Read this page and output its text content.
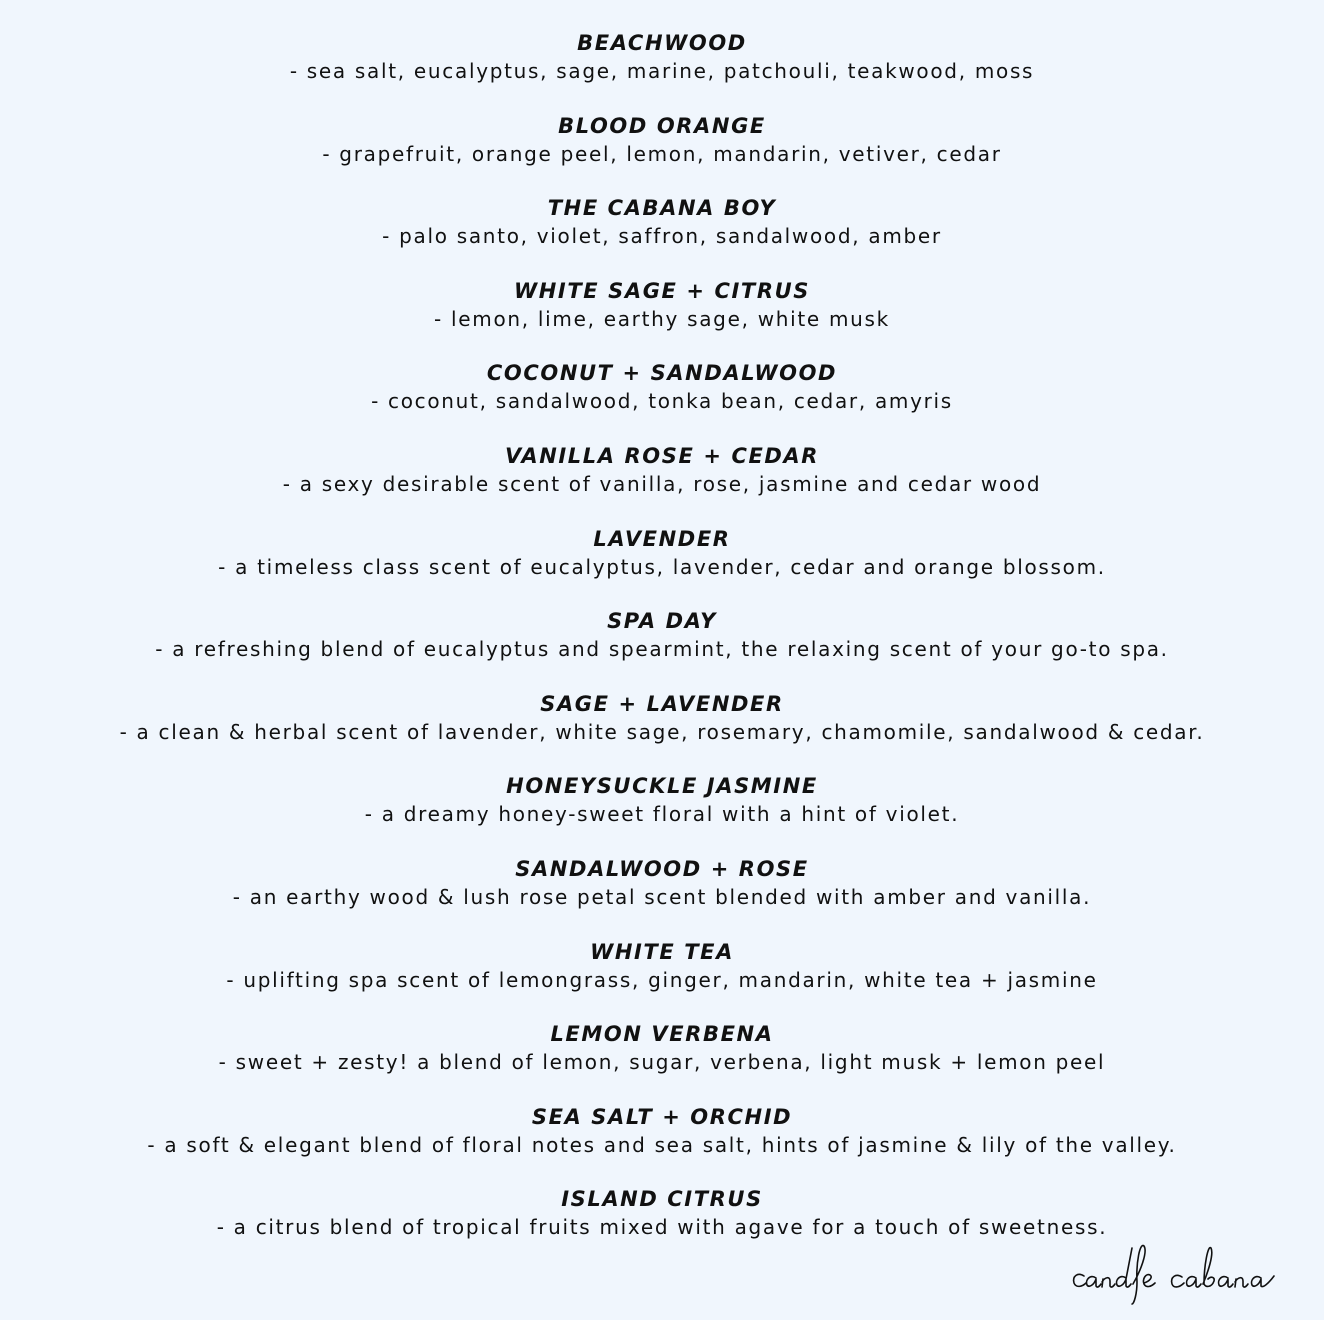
BEACHWOOD
- sea salt, eucalyptus, sage, marine, patchouli, teakwood, moss
BLOOD ORANGE
- grapefruit, orange peel, lemon, mandarin, vetiver, cedar
THE CABANA BOY
- palo santo, violet, saffron, sandalwood, amber
WHITE SAGE + CITRUS
- lemon, lime, earthy sage, white musk
COCONUT + SANDALWOOD
- coconut, sandalwood, tonka bean, cedar, amyris
VANILLA ROSE + CEDAR
- a sexy desirable scent of vanilla, rose, jasmine and cedar wood
LAVENDER
- a timeless class scent of eucalyptus, lavender, cedar and orange blossom.
SPA DAY
- a refreshing blend of eucalyptus and spearmint, the relaxing scent of your go-to spa.
SAGE + LAVENDER
- a clean & herbal scent of lavender, white sage, rosemary, chamomile, sandalwood & cedar.
HONEYSUCKLE JASMINE
- a dreamy honey-sweet floral with a hint of violet.
SANDALWOOD + ROSE
- an earthy wood & lush rose petal scent blended with amber and vanilla.
WHITE TEA
- uplifting spa scent of lemongrass, ginger, mandarin, white tea + jasmine
LEMON VERBENA
- sweet + zesty! a blend of lemon, sugar, verbena, light musk + lemon peel
SEA SALT + ORCHID
- a soft & elegant blend of floral notes and sea salt, hints of jasmine & lily of the valley.
ISLAND CITRUS
- a citrus blend of tropical fruits mixed with agave for a touch of sweetness.
